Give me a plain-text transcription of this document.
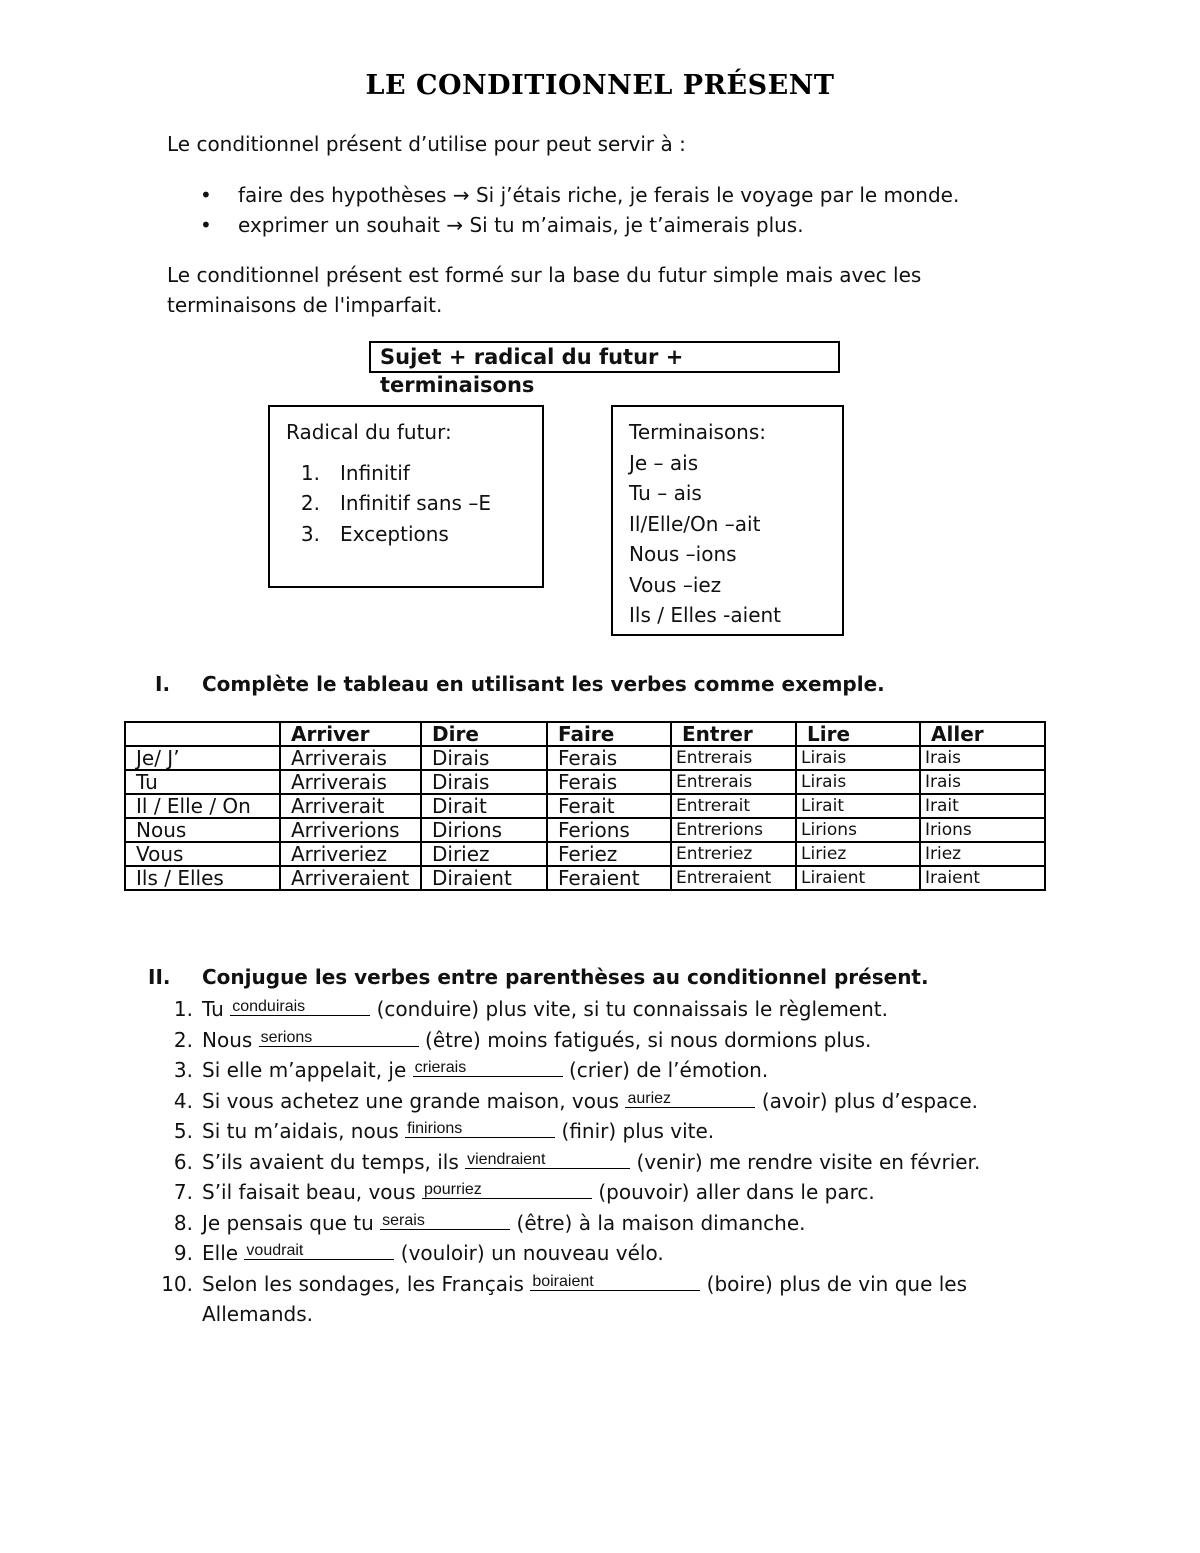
LE CONDITIONNEL PRÉSENT
Le conditionnel présent d’utilise pour peut servir à :
• faire des hypothèses → Si j’étais riche, je ferais le voyage par le monde.
• exprimer un souhait → Si tu m’aimais, je t’aimerais plus.
Le conditionnel présent est formé sur la base du futur simple mais avec les
terminaisons de l'imparfait.
Sujet + radical du futur + terminaisons
Radical du futur:
1. Infinitif
2. Infinitif sans –E
3. Exceptions
Terminaisons:
Je – ais
Tu – ais
Il/Elle/On –ait
Nous –ions
Vous –iez
Ils / Elles -aient
I. Complète le tableau en utilisant les verbes comme exemple.
	Arriver	Dire	Faire	Entrer	Lire	Aller
Je/ J’	Arriverais	Dirais	Ferais	Entrerais	Lirais	Irais
Tu	Arriverais	Dirais	Ferais	Entrerais	Lirais	Irais
Il / Elle / On	Arriverait	Dirait	Ferait	Entrerait	Lirait	Irait
Nous	Arriverions	Dirions	Ferions	Entrerions	Lirions	Irions
Vous	Arriveriez	Diriez	Feriez	Entreriez	Liriez	Iriez
Ils / Elles	Arriveraient	Diraient	Feraient	Entreraient	Liraient	Iraient
II. Conjugue les verbes entre parenthèses au conditionnel présent.
1. Tu conduirais	(conduire) plus vite, si tu connaissais le règlement.
2. Nous serions	(être) moins fatigués, si nous dormions plus.
3. Si elle m’appelait, je crierais	(crier) de l’émotion.
4. Si vous achetez une grande maison, vous auriez	(avoir) plus d’espace.
5. Si tu m’aidais, nous finirions	(finir) plus vite.
6. S’ils avaient du temps, ils viendraient	(venir) me rendre visite en février.
7. S’il faisait beau, vous pourriez	(pouvoir) aller dans le parc.
8. Je pensais que tu serais	(être) à la maison dimanche.
9. Elle voudrait	(vouloir) un nouveau vélo.
10. Selon les sondages, les Français boiraient	(boire) plus de vin que les
Allemands.
